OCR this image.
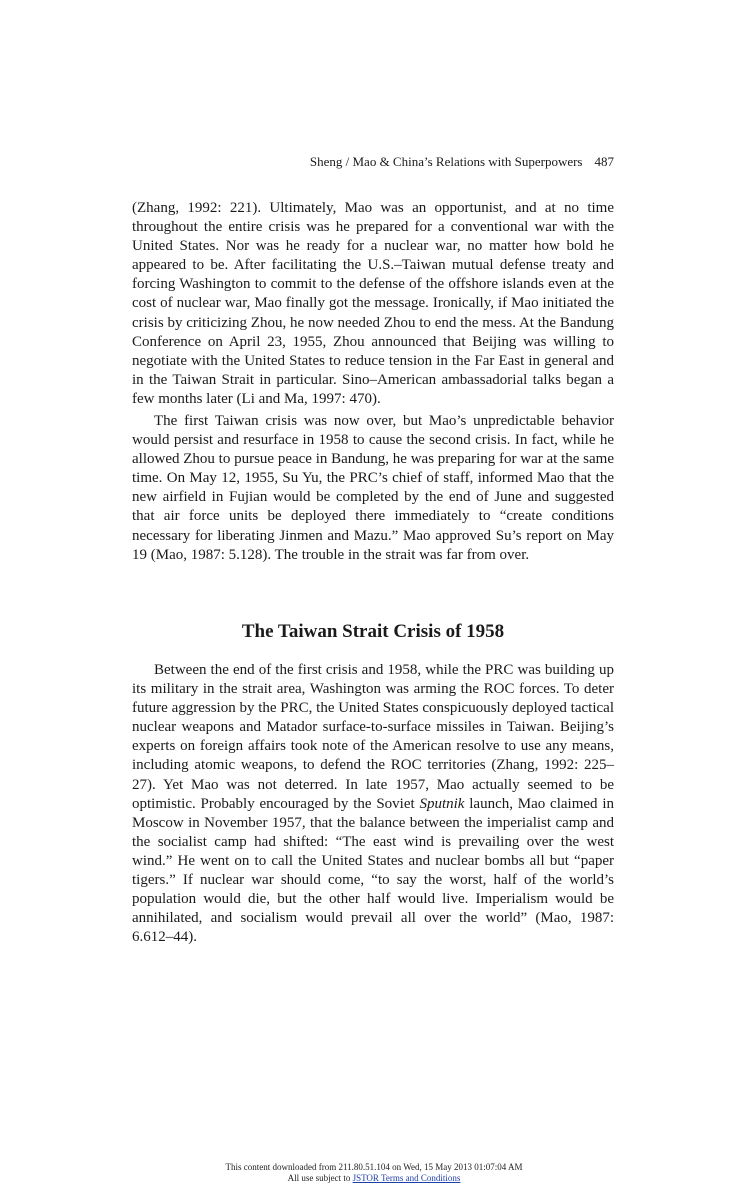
Sheng / Mao & China’s Relations with Superpowers 487

(Zhang, 1992: 221). Ultimately, Mao was an opportunist, and at no time throughout the entire crisis was he prepared for a conventional war with the United States. Nor was he ready for a nuclear war, no matter how bold he appeared to be. After facilitating the U.S.–Taiwan mutual defense treaty and forcing Washington to commit to the defense of the offshore islands even at the cost of nuclear war, Mao finally got the message. Ironically, if Mao initiated the crisis by criticizing Zhou, he now needed Zhou to end the mess. At the Bandung Conference on April 23, 1955, Zhou announced that Beijing was willing to negotiate with the United States to reduce tension in the Far East in general and in the Taiwan Strait in particular. Sino–American ambassadorial talks began a few months later (Li and Ma, 1997: 470).

The first Taiwan crisis was now over, but Mao’s unpredictable behavior would persist and resurface in 1958 to cause the second crisis. In fact, while he allowed Zhou to pursue peace in Bandung, he was preparing for war at the same time. On May 12, 1955, Su Yu, the PRC’s chief of staff, informed Mao that the new airfield in Fujian would be completed by the end of June and suggested that air force units be deployed there immediately to “create conditions necessary for liberating Jinmen and Mazu.” Mao approved Su’s report on May 19 (Mao, 1987: 5.128). The trouble in the strait was far from over.

The Taiwan Strait Crisis of 1958

Between the end of the first crisis and 1958, while the PRC was building up its military in the strait area, Washington was arming the ROC forces. To deter future aggression by the PRC, the United States conspicuously deployed tactical nuclear weapons and Matador surface-to-surface missiles in Taiwan. Beijing’s experts on foreign affairs took note of the American resolve to use any means, including atomic weapons, to defend the ROC territories (Zhang, 1992: 225–27). Yet Mao was not deterred. In late 1957, Mao actually seemed to be optimistic. Probably encouraged by the Soviet Sputnik launch, Mao claimed in Moscow in November 1957, that the balance between the imperialist camp and the socialist camp had shifted: “The east wind is prevailing over the west wind.” He went on to call the United States and nuclear bombs all but “paper tigers.” If nuclear war should come, “to say the worst, half of the world’s population would die, but the other half would live. Imperialism would be annihilated, and socialism would prevail all over the world” (Mao, 1987: 6.612–44).

This content downloaded from 211.80.51.104 on Wed, 15 May 2013 01:07:04 AM
All use subject to JSTOR Terms and Conditions
